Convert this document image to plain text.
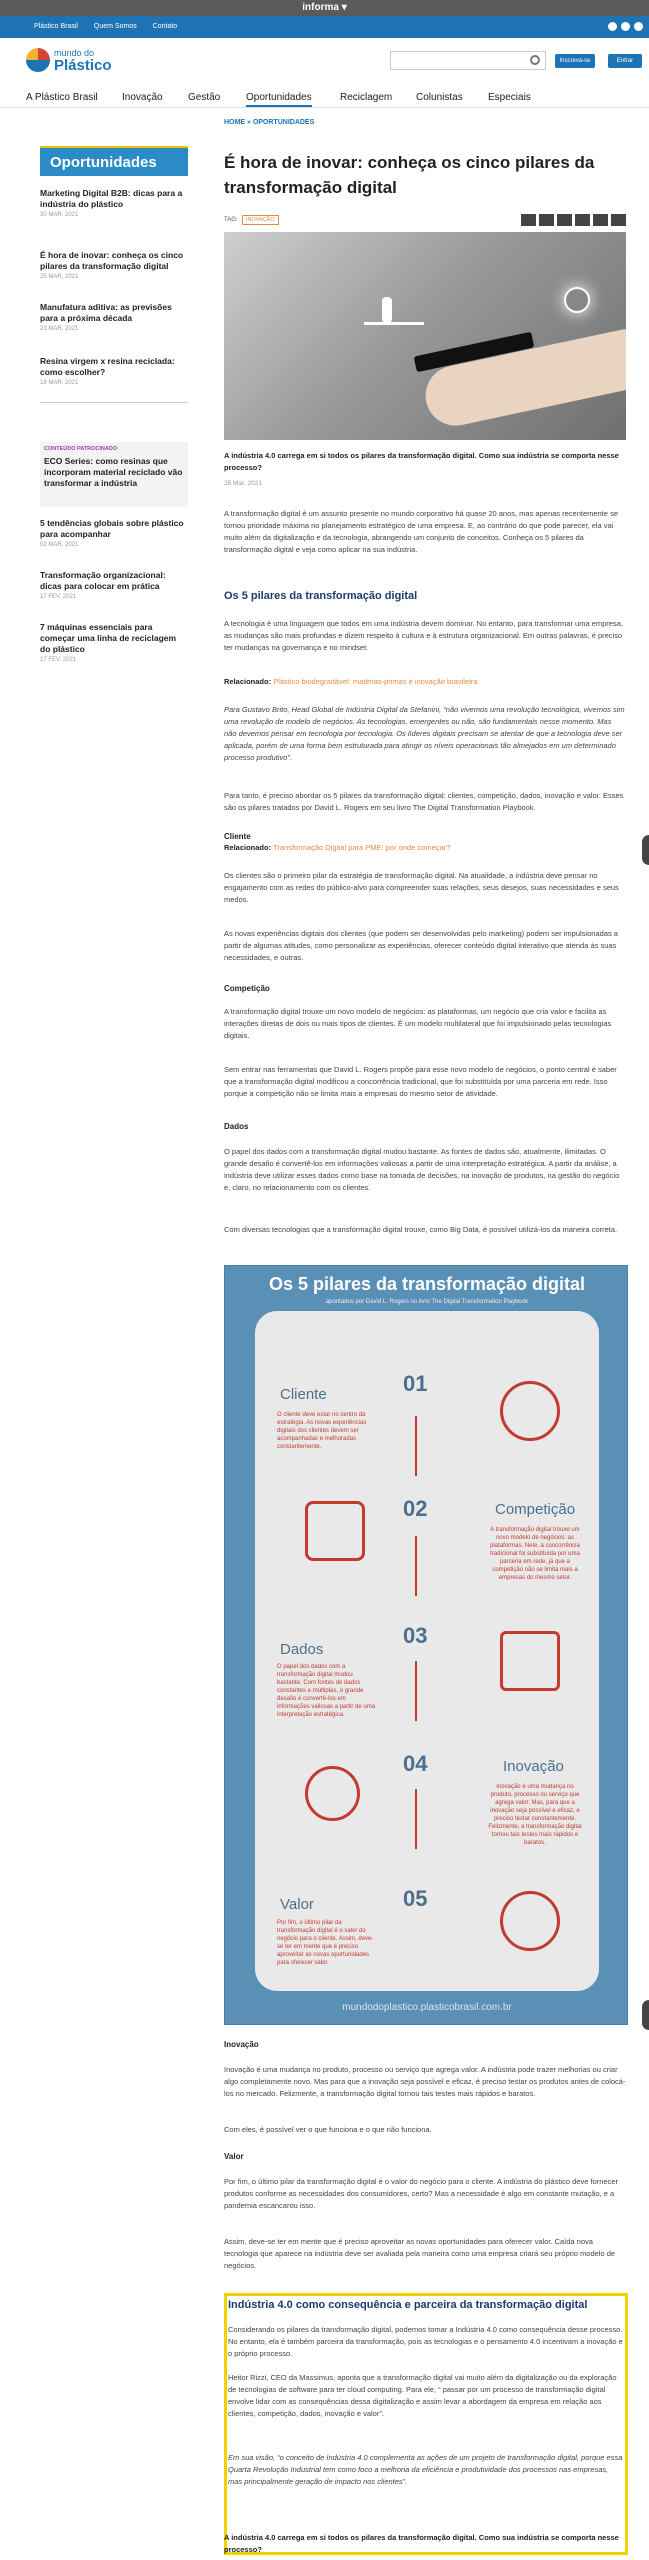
informa ▾
Plástico Brasil Quem Somos Contato
mundo do
Plástico	Inscreva-se	Entrar
A Plástico Brasil Inovação	Gestão	Oportunidades	Reciclagem Colunistas	Especiais
HOME » OPORTUNIDADES
Oportunidades
Marketing Digital B2B: dicas para a indústria do plástico
30 MAR, 2021
É hora de inovar: conheça os cinco pilares da transformação digital
25 MAR, 2021
Manufatura aditiva: as previsões para a próxima década
23 MAR, 2021
Resina virgem x resina reciclada: como escolher?
18 MAR, 2021
CONTEÚDO PATROCINADO
ECO Series: como resinas que incorporam material reciclado vão transformar a indústria
5 tendências globais sobre plástico para acompanhar
02 MAR, 2021
Transformação organizacional: dicas para colocar em prática
17 FEV, 2021
7 máquinas essenciais para começar uma linha de reciclagem do plástico
17 FEV, 2021
É hora de inovar: conheça os cinco pilares da transformação digital
TAG:	INOVAÇÃO
A indústria 4.0 carrega em si todos os pilares da transformação digital. Como sua indústria se comporta nesse processo?
25 Mar, 2021
A transformação digital é um assunto presente no mundo corporativo há quase 20 anos, mas apenas recentemente se tornou prioridade máxima no planejamento estratégico de uma empresa. E, ao contrário do que pode parecer, ela vai muito além da digitalização e da tecnologia, abrangendo um conjunto de conceitos. Conheça os 5 pilares da transformação digital e veja como aplicar na sua indústria.
Os 5 pilares da transformação digital
A tecnologia é uma linguagem que todos em uma indústria devem dominar. No entanto, para transformar uma empresa, as mudanças são mais profundas e dizem respeito à cultura e à estrutura organizacional. Em outras palavras, é preciso ter mudanças na governança e no mindset.
Relacionado: Plástico biodegradável: matérias-primas e inovação brasileira
Para Gustavo Brito, Head Global de Indústria Digital da Stefanini, “não vivemos uma revolução tecnológica, vivemos sim uma revolução de modelo de negócios. As tecnologias, emergentes ou não, são fundamentais nesse momento. Mas não devemos pensar em tecnologia por tecnologia. Os líderes digitais precisam se atentar de que a tecnologia deve ser aplicada, porém de uma forma bem estruturada para atingir os níveis operacionais tão almejados em um determinado processo produtivo”.
Para tanto, é preciso abordar os 5 pilares da transformação digital: clientes, competição, dados, inovação e valor. Esses são os pilares tratados por David L. Rogers em seu livro The Digital Transformation Playbook.
Cliente
Relacionado: Transformação Digital para PME: por onde começar?
Os clientes são o primeiro pilar da estratégia de transformação digital. Na atualidade, a indústria deve pensar no engajamento com as redes do público-alvo para compreender suas relações, seus desejos, suas necessidades e seus medos.
As novas experiências digitais dos clientes (que podem ser desenvolvidas pelo marketing) podem ser impulsionadas a partir de algumas atitudes, como personalizar as experiências, oferecer conteúdo digital interativo que atenda às suas necessidades, e outras.
Competição
A transformação digital trouxe um novo modelo de negócios: as plataformas, um negócio que cria valor e facilita as interações diretas de dois ou mais tipos de clientes. É um modelo multilateral que foi impulsionado pelas tecnologias digitais.
Sem entrar nas ferramentas que David L. Rogers propõe para esse novo modelo de negócios, o ponto central é saber que a transformação digital modificou a concorrência tradicional, que foi substituída por uma parceria em rede. Isso porque a competição não se limita mais a empresas do mesmo setor de atividade.
Dados
O papel dos dados com a transformação digital mudou bastante. As fontes de dados são, atualmente, ilimitadas. O grande desafio é convertê-los em informações valiosas a partir de uma interpretação estratégica. A partir da análise, a indústria deve utilizar esses dados como base na tomada de decisões, na inovação de produtos, na gestão do negócio e, claro, no relacionamento com os clientes.
Com diversas tecnologias que a transformação digital trouxe, como Big Data, é possível utilizá-los da maneira correta.
Os 5 pilares da transformação digital
apontados por David L. Rogers no livro The Digital Transformation Playbook
Cliente	01
O cliente deve estar no centro da estratégia. As novas experiências digitais dos clientes devem ser acompanhadas e melhoradas constantemente.
02	Competição
A transformação digital trouxe um novo modelo de negócios: as plataformas. Nele, a concorrência tradicional foi substituída por uma parceria em rede, já que a competição não se limita mais a empresas do mesmo setor.
Dados
03
O papel dos dados com a transformação digital mudou bastante. Com fontes de dados constantes e múltiplas, o grande desafio é convertê-los em informações valiosas a partir de uma interpretação estratégica.
04	Inovação
Inovação é uma mudança no produto, processo ou serviço que agrega valor. Mas, para que a inovação seja possível e eficaz, é preciso testar constantemente. Felizmente, a transformação digital tornou tais testes mais rápidos e baratos.
Valor	05
Por fim, o último pilar da transformação digital é o valor do negócio para o cliente. Assim, deve-se ter em mente que é preciso aproveitar as novas oportunidades para oferecer valor.
mundodoplastico.plasticobrasil.com.br
Inovação
Inovação é uma mudança no produto, processo ou serviço que agrega valor. A indústria pode trazer melhorias ou criar algo completamente novo. Mas para que a inovação seja possível e eficaz, é preciso testar os produtos antes de colocá-los no mercado. Felizmente, a transformação digital tornou tais testes mais rápidos e baratos.
Com eles, é possível ver o que funciona e o que não funciona.
Valor
Por fim, o último pilar da transformação digital é o valor do negócio para o cliente. A indústria do plástico deve fornecer produtos conforme as necessidades dos consumidores, certo? Mas a necessidade é algo em constante mutação, e a pandemia escancarou isso.
Assim, deve-se ter em mente que é preciso aproveitar as novas oportunidades para oferecer valor. Caída nova tecnologia que aparece na indústria deve ser avaliada pela maneira como uma empresa criará seu próprio modelo de negócios.
Indústria 4.0 como consequência e parceira da transformação digital
Considerando os pilares da transformação digital, podemos tomar a Indústria 4.0 como consequência desse processo. No entanto, ela é também parceira da transformação, pois as tecnologias e o pensamento 4.0 incentivam a inovação e o próprio processo.
Heitor Rizzi, CEO da Massimus, aponta que a transformação digital vai muito além da digitalização ou da exploração de tecnologias de software para ter cloud computing. Para ele, “ passar por um processo de transformação digital envolve lidar com as consequências dessa digitalização e assim levar a abordagem da empresa em relação aos clientes, competição, dados, inovação e valor”.
Em sua visão, “o conceito de Indústria 4.0 complementa as ações de um projeto de transformação digital, porque essa Quarta Revolução Industrial tem como foco a melhoria da eficiência e produtividade dos processos nas empresas, mas principalmente geração de impacto nos clientes”.
A indústria 4.0 carrega em si todos os pilares da transformação digital. Como sua indústria se comporta nesse processo?
